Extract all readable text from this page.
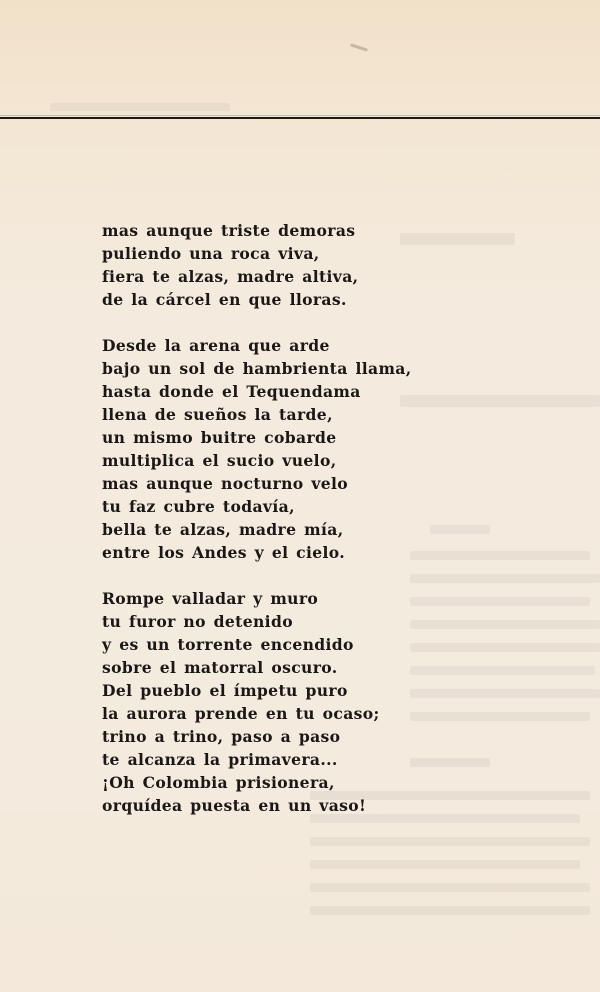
mas aunque triste demoras
puliendo una roca viva,
fiera te alzas, madre altiva,
de la cárcel en que lloras.
Desde la arena que arde
bajo un sol de hambrienta llama,
hasta donde el Tequendama
llena de sueños la tarde,
un mismo buitre cobarde
multiplica el sucio vuelo,
mas aunque nocturno velo
tu faz cubre todavía,
bella te alzas, madre mía,
entre los Andes y el cielo.
Rompe valladar y muro
tu furor no detenido
y es un torrente encendido
sobre el matorral oscuro.
Del pueblo el ímpetu puro
la aurora prende en tu ocaso;
trino a trino, paso a paso
te alcanza la primavera...
¡Oh Colombia prisionera,
orquídea puesta en un vaso!
